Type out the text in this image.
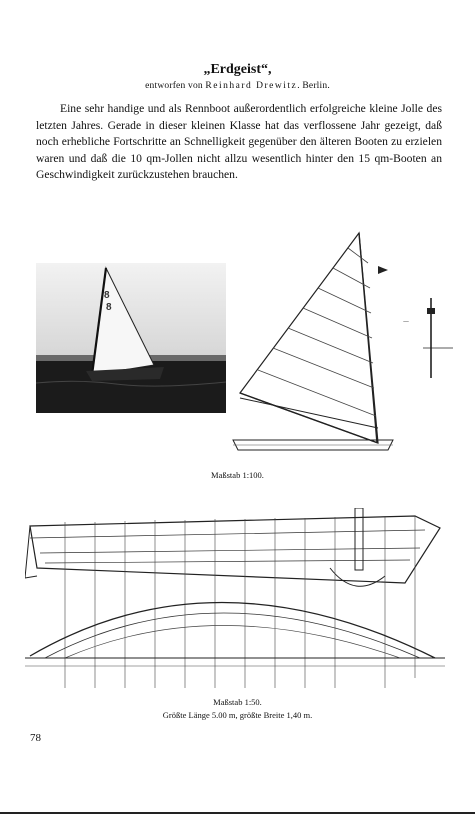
„Erdgeist“,
entworfen von Reinhard Drewitz. Berlin.
Eine sehr handige und als Rennboot außerordentlich erfolgreiche kleine Jolle des letzten Jahres. Gerade in dieser kleinen Klasse hat das verflossene Jahr gezeigt, daß noch erhebliche Fortschritte an Schnelligkeit gegenüber den älteren Booten zu erzielen waren und daß die 10 qm-Jollen nicht allzu wesentlich hinter den 15 qm-Booten an Geschwindigkeit zurückzustehen brauchen.
8
8
—
Maßstab 1:100.
Maßstab 1:50.
Größte Länge 5.00 m, größte Breite 1,40 m.
78
